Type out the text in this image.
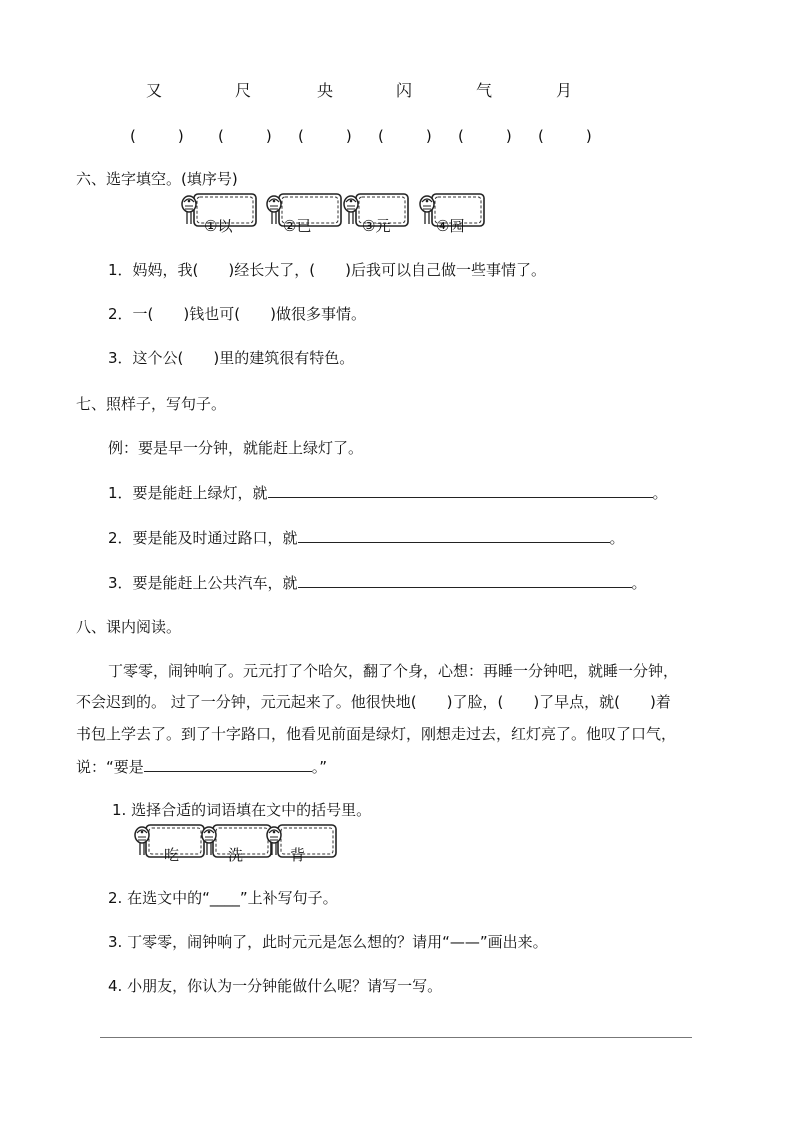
又	尺	央	闪	气	月
(　　) (　　) (　　) (　　) (　　) (　　)
六、选字填空。(填序号)
①以	②已	③元	④园
1．妈妈，我(　　)经长大了，(　　)后我可以自己做一些事情了。
2．一(　　)钱也可(　　)做很多事情。
3．这个公(　　)里的建筑很有特色。
七、照样子，写句子。
例：要是早一分钟，就能赶上绿灯了。
1．要是能赶上绿灯，就	。
2．要是能及时通过路口，就	。
3．要是能赶上公共汽车，就	。
八、课内阅读。
丁零零，闹钟响了。元元打了个哈欠，翻了个身，心想：再睡一分钟吧，就睡一分钟，
不会迟到的。 过了一分钟，元元起来了。他很快地(　　)了脸，(　　)了早点，就(　　)着
书包上学去了。到了十字路口，他看见前面是绿灯，刚想走过去，红灯亮了。他叹了口气，
说：“要是	。”
1. 选择合适的词语填在文中的括号里。
吃	洗	背
2. 在选文中的“____”上补写句子。
3. 丁零零，闹钟响了，此时元元是怎么想的？请用“——”画出来。
4. 小朋友，你认为一分钟能做什么呢？请写一写。
